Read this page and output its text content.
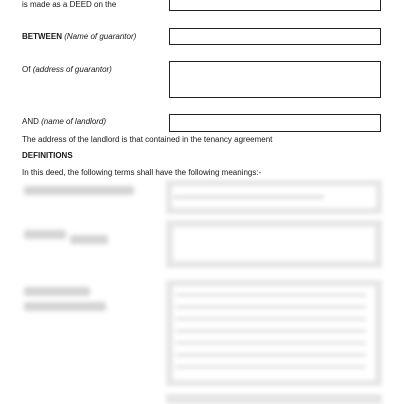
is made as a DEED on the
BETWEEN (Name of guarantor)
Of (address of guarantor)
AND (name of landlord)
The address of the landlord is that contained in the tenancy agreement
DEFINITIONS
In this deed, the following terms shall have the following meanings:-
